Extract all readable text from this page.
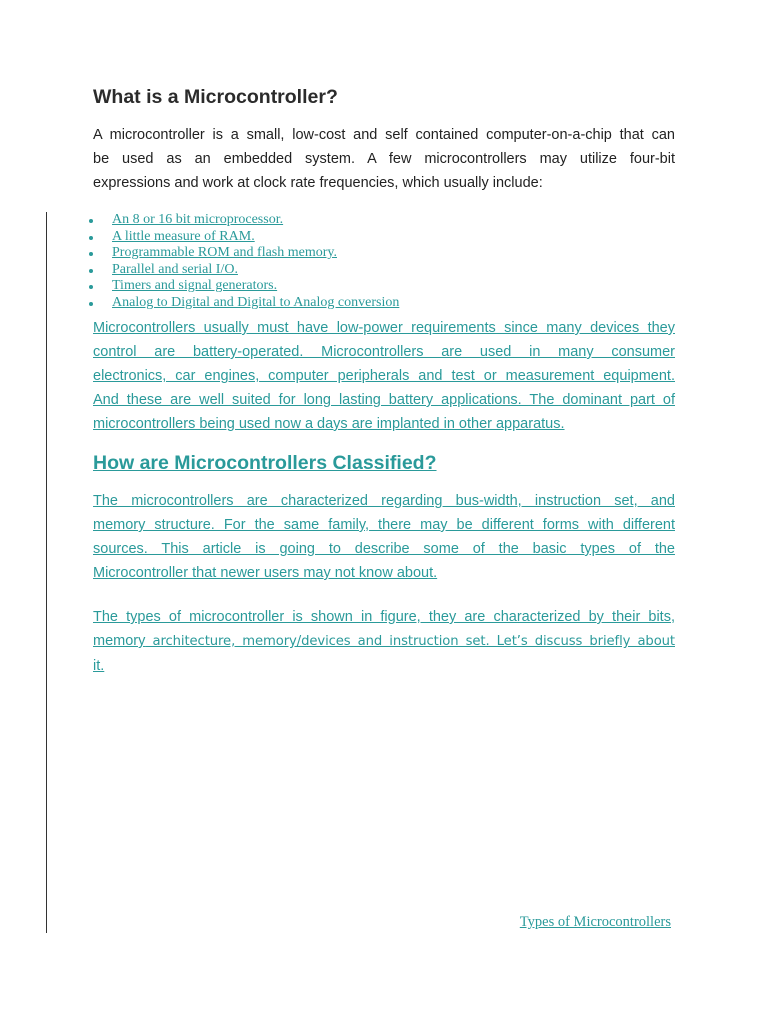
What is a Microcontroller?
A microcontroller is a small, low-cost and self contained computer-on-a-chip that can
be used as an embedded system. A few microcontrollers may utilize four-bit
expressions and work at clock rate frequencies, which usually include:
An 8 or 16 bit microprocessor.
A little measure of RAM.
Programmable ROM and flash memory.
Parallel and serial I/O.
Timers and signal generators.
Analog to Digital and Digital to Analog conversion
Microcontrollers usually must have low-power requirements since many devices they
control are battery-operated. Microcontrollers are used in many consumer
electronics, car engines, computer peripherals and test or measurement equipment.
And these are well suited for long lasting battery applications. The dominant part of
microcontrollers being used now a days are implanted in other apparatus.
How are Microcontrollers Classified?
The microcontrollers are characterized regarding bus-width, instruction set, and
memory structure. For the same family, there may be different forms with different
sources. This article is going to describe some of the basic types of the
Microcontroller that newer users may not know about.
The types of microcontroller is shown in figure, they are characterized by their bits,
memory architecture, memory/devices and instruction set. Let’s discuss briefly about
it.

Types of Microcontrollers
